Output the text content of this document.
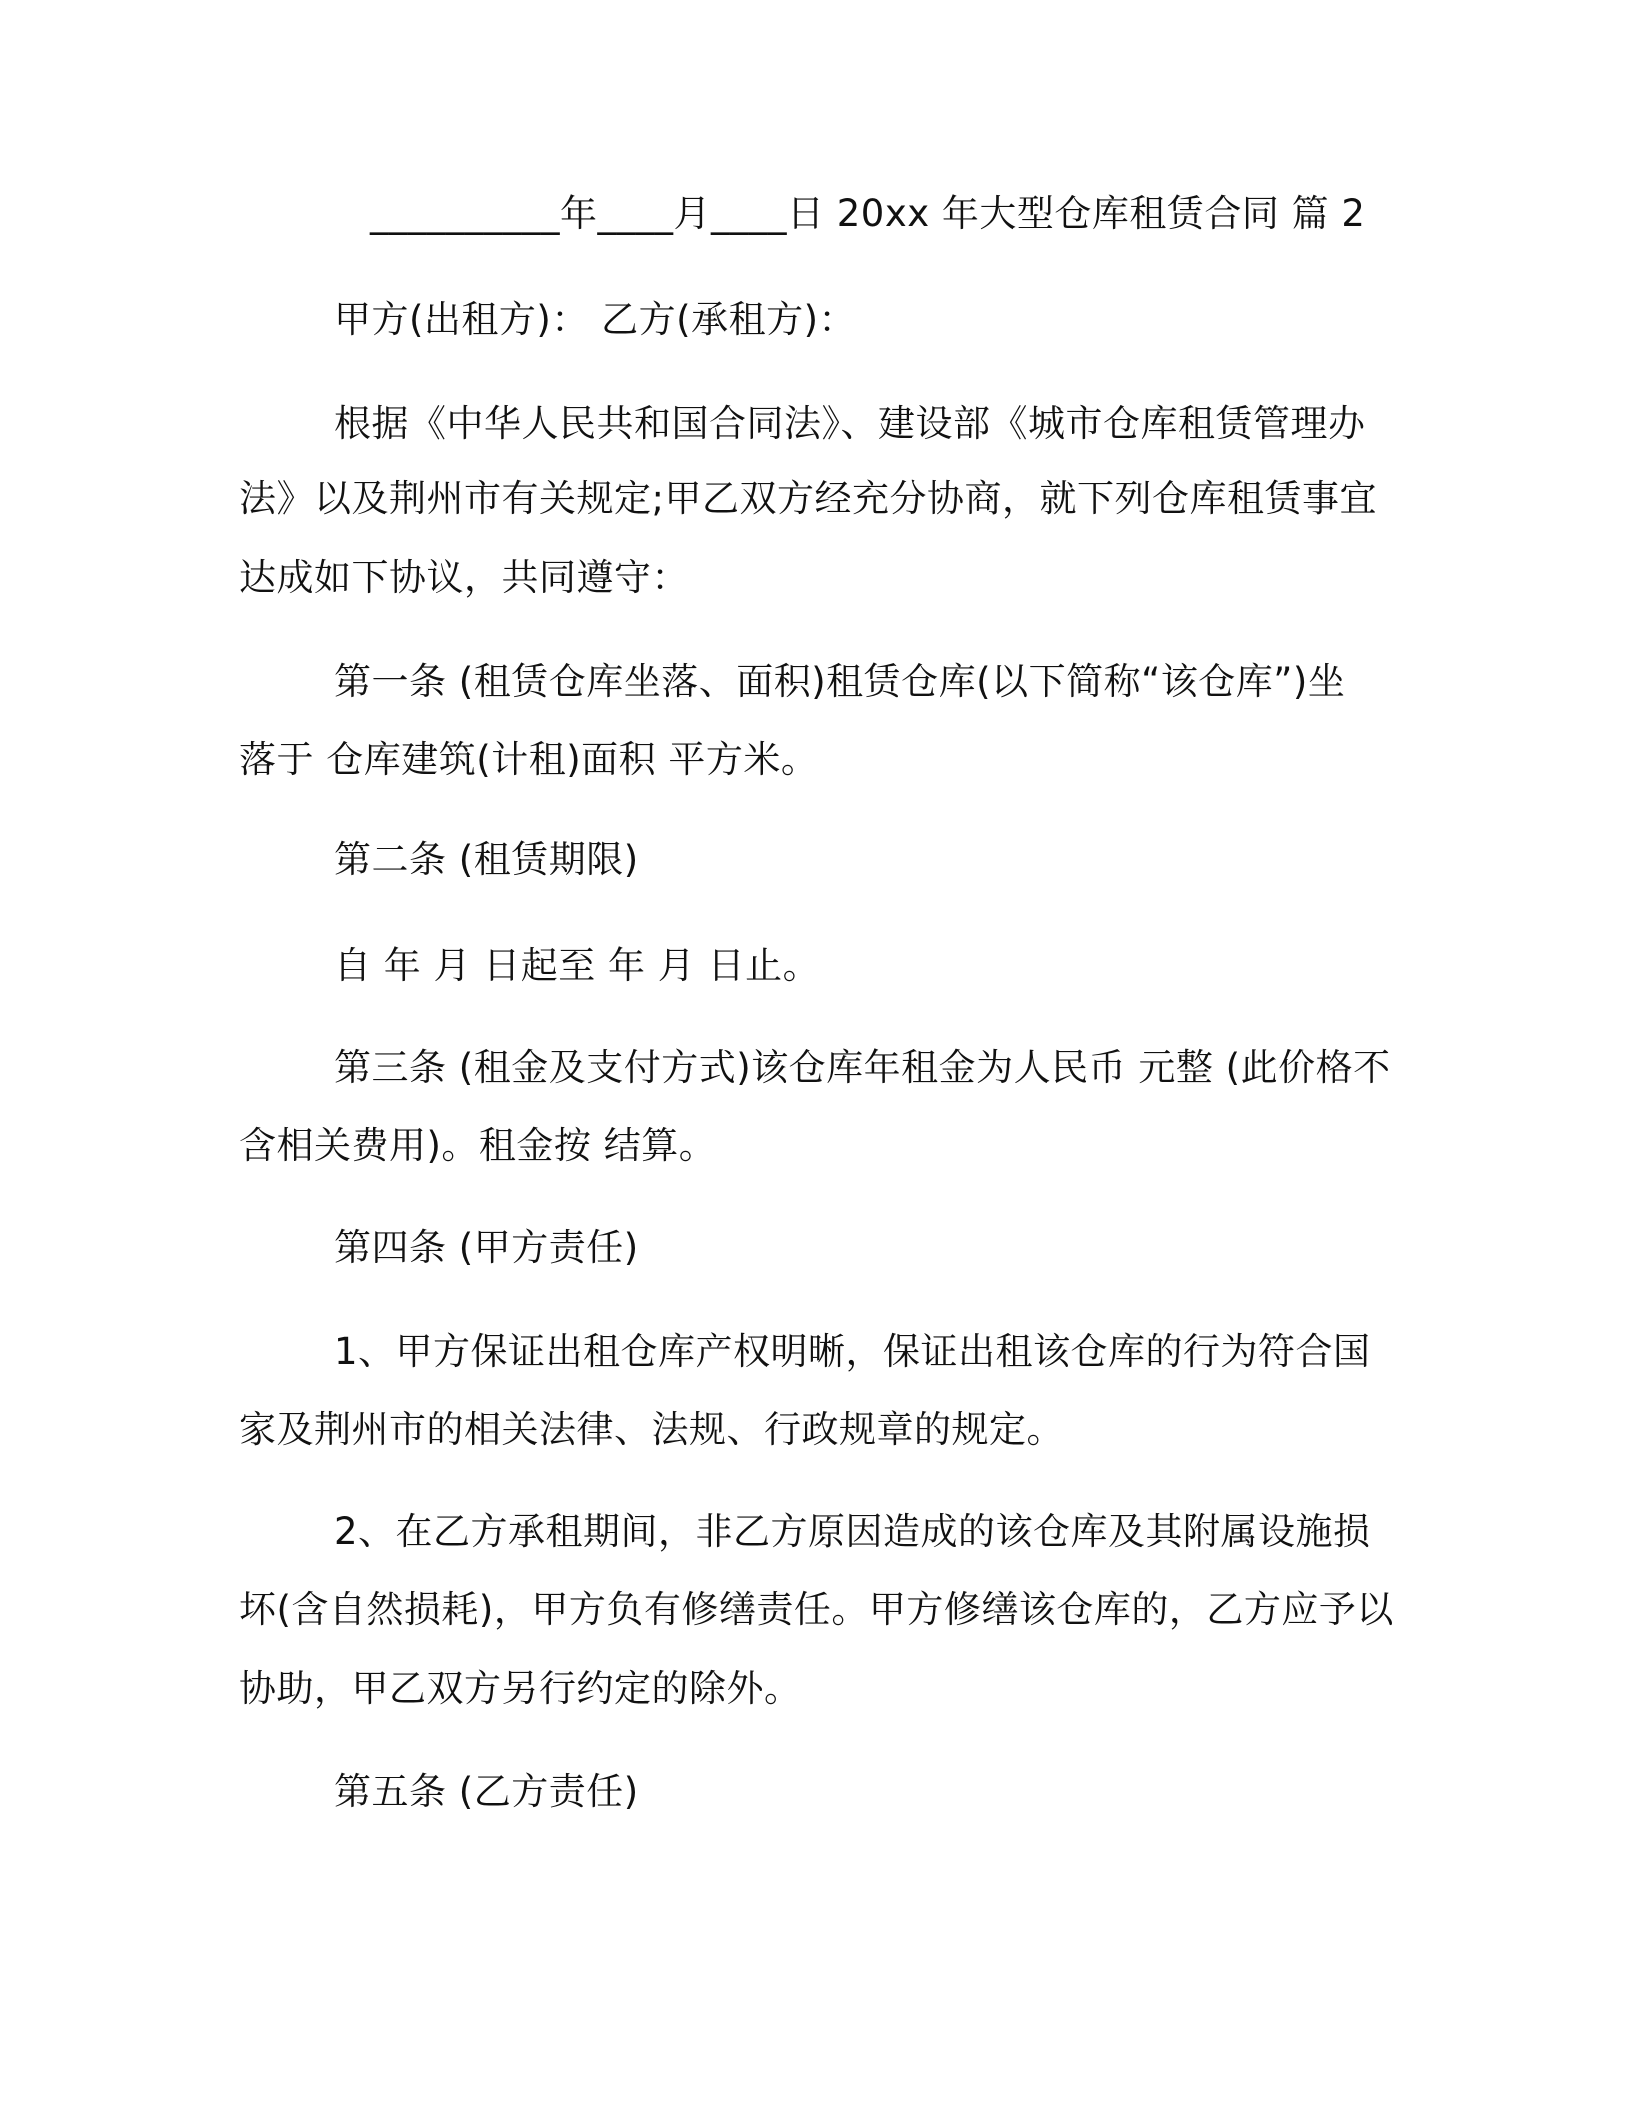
__________年____月____日 20xx 年大型仓库租赁合同 篇 2
甲方(出租方)： 乙方(承租方)：
根据《中华人民共和国合同法》、建设部《城市仓库租赁管理办
法》以及荆州市有关规定;甲乙双方经充分协商，就下列仓库租赁事宜
达成如下协议，共同遵守：
第一条 (租赁仓库坐落、面积)租赁仓库(以下简称“该仓库”)坐
落于 仓库建筑(计租)面积 平方米。
第二条 (租赁期限)
自 年 月 日起至 年 月 日止。
第三条 (租金及支付方式)该仓库年租金为人民币 元整 (此价格不
含相关费用)。租金按 结算。
第四条 (甲方责任)
1、甲方保证出租仓库产权明晰，保证出租该仓库的行为符合国
家及荆州市的相关法律、法规、行政规章的规定。
2、在乙方承租期间，非乙方原因造成的该仓库及其附属设施损
坏(含自然损耗)，甲方负有修缮责任。甲方修缮该仓库的，乙方应予以
协助，甲乙双方另行约定的除外。
第五条 (乙方责任)
